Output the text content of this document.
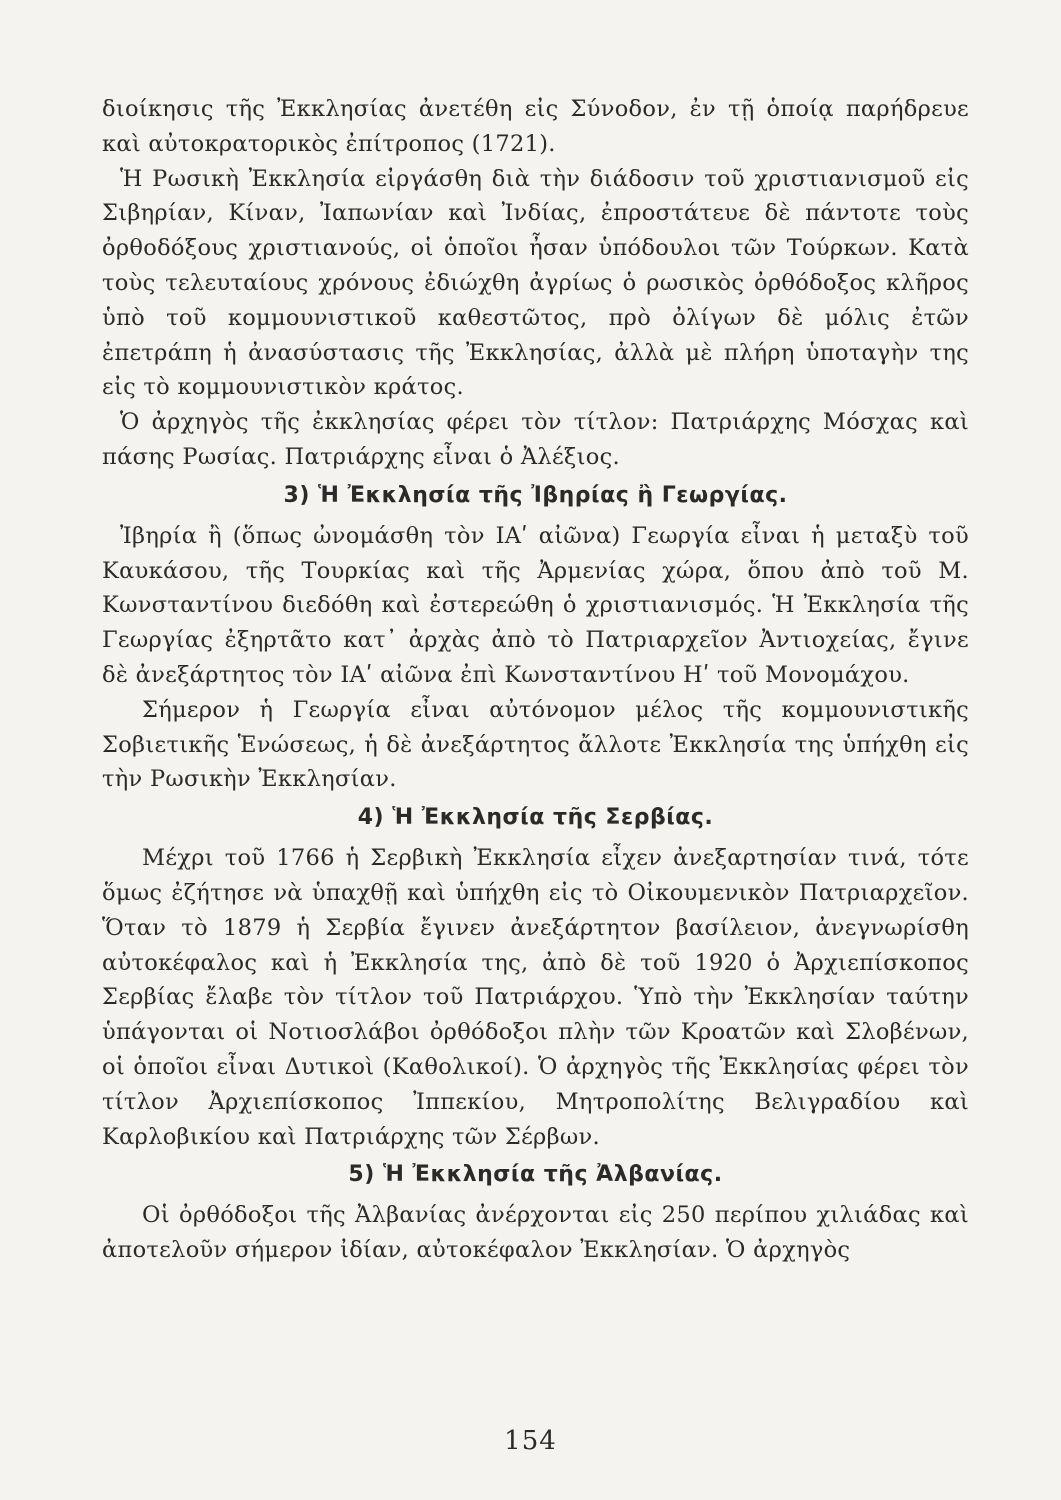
διοίκησις τῆς Ἐκκλησίας ἀνετέθη εἰς Σύνοδον, ἐν τῇ ὁποίᾳ παρήδρευε καὶ αὐτοκρατορικὸς ἐπίτροπος (1721).

Ἡ Ρωσικὴ Ἐκκλησία εἰργάσθη διὰ τὴν διάδοσιν τοῦ χριστιανισμοῦ εἰς Σιβηρίαν, Κίναν, Ἰαπωνίαν καὶ Ἰνδίας, ἐπροστάτευε δὲ πάντοτε τοὺς ὀρθοδόξους χριστιανούς, οἱ ὁποῖοι ἦσαν ὑπόδουλοι τῶν Τούρκων. Κατὰ τοὺς τελευταίους χρόνους ἐδιώχθη ἀγρίως ὁ ρωσικὸς ὀρθόδοξος κλῆρος ὑπὸ τοῦ κομμουνιστικοῦ καθεστῶτος, πρὸ ὀλίγων δὲ μόλις ἐτῶν ἐπετράπη ἡ ἀνασύστασις τῆς Ἐκκλησίας, ἀλλὰ μὲ πλήρη ὑποταγὴν της εἰς τὸ κομμουνιστικὸν κράτος.

Ὁ ἀρχηγὸς τῆς ἐκκλησίας φέρει τὸν τίτλον: Πατριάρχης Μόσχας καὶ πάσης Ρωσίας. Πατριάρχης εἶναι ὁ Ἀλέξιος.

3) Ἡ Ἐκκλησία τῆς Ἰβηρίας ἢ Γεωργίας.

Ἰβηρία ἢ (ὅπως ὠνομάσθη τὸν ΙΑʹ αἰῶνα) Γεωργία εἶναι ἡ μεταξὺ τοῦ Καυκάσου, τῆς Τουρκίας καὶ τῆς Ἀρμενίας χώρα, ὅπου ἀπὸ τοῦ Μ. Κωνσταντίνου διεδόθη καὶ ἐστερεώθη ὁ χριστιανισμός. Ἡ Ἐκκλησία τῆς Γεωργίας ἐξηρτᾶτο κατ᾽ ἀρχὰς ἀπὸ τὸ Πατριαρχεῖον Ἀντιοχείας, ἔγινε δὲ ἀνεξάρτητος τὸν ΙΑʹ αἰῶνα ἐπὶ Κωνσταντίνου Ηʹ τοῦ Μονομάχου.

Σήμερον ἡ Γεωργία εἶναι αὐτόνομον μέλος τῆς κομμουνιστικῆς Σοβιετικῆς Ἑνώσεως, ἡ δὲ ἀνεξάρτητος ἄλλοτε Ἐκκλησία της ὑπήχθη εἰς τὴν Ρωσικὴν Ἐκκλησίαν.

4) Ἡ Ἐκκλησία τῆς Σερβίας.

Μέχρι τοῦ 1766 ἡ Σερβικὴ Ἐκκλησία εἶχεν ἀνεξαρτησίαν τινά, τότε ὅμως ἐζήτησε νὰ ὑπαχθῇ καὶ ὑπήχθη εἰς τὸ Οἰκουμενικὸν Πατριαρχεῖον. Ὅταν τὸ 1879 ἡ Σερβία ἔγινεν ἀνεξάρτητον βασίλειον, ἀνεγνωρίσθη αὐτοκέφαλος καὶ ἡ Ἐκκλησία της, ἀπὸ δὲ τοῦ 1920 ὁ Ἀρχιεπίσκοπος Σερβίας ἔλαβε τὸν τίτλον τοῦ Πατριάρχου. Ὑπὸ τὴν Ἐκκλησίαν ταύτην ὑπάγονται οἱ Νοτιοσλάβοι ὀρθόδοξοι πλὴν τῶν Κροατῶν καὶ Σλοβένων, οἱ ὁποῖοι εἶναι Δυτικοὶ (Καθολικοί). Ὁ ἀρχηγὸς τῆς Ἐκκλησίας φέρει τὸν τίτλον Ἀρχιεπίσκοπος Ἰππεκίου, Μητροπολίτης Βελιγραδίου καὶ Καρλοβικίου καὶ Πατριάρχης τῶν Σέρβων.

5) Ἡ Ἐκκλησία τῆς Ἀλβανίας.

Οἱ ὀρθόδοξοι τῆς Ἀλβανίας ἀνέρχονται εἰς 250 περίπου χιλιάδας καὶ ἀποτελοῦν σήμερον ἰδίαν, αὐτοκέφαλον Ἐκκλησίαν. Ὁ ἀρχηγὸς

154
